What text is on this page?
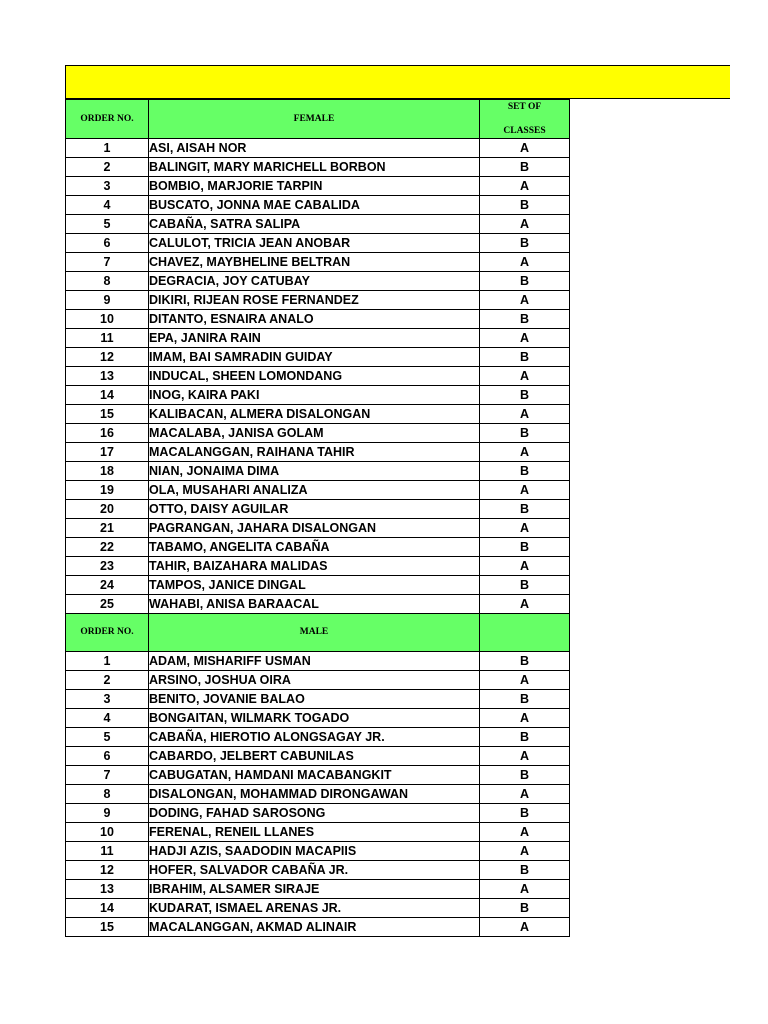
ORDER NO.	FEMALE	SET OF
CLASSES

1	ASI, AISAH NOR	A
2	BALINGIT, MARY MARICHELL BORBON	B
3	BOMBIO, MARJORIE TARPIN	A
4	BUSCATO, JONNA MAE CABALIDA	B
5	CABAÑA, SATRA SALIPA	A
6	CALULOT, TRICIA JEAN ANOBAR	B
7	CHAVEZ, MAYBHELINE BELTRAN	A
8	DEGRACIA, JOY CATUBAY	B
9	DIKIRI, RIJEAN ROSE FERNANDEZ	A
10	DITANTO, ESNAIRA ANALO	B
11	EPA, JANIRA RAIN	A
12	IMAM, BAI SAMRADIN GUIDAY	B
13	INDUCAL, SHEEN LOMONDANG	A
14	INOG, KAIRA PAKI	B
15	KALIBACAN, ALMERA DISALONGAN	A
16	MACALABA, JANISA GOLAM	B
17	MACALANGGAN, RAIHANA TAHIR	A
18	NIAN, JONAIMA DIMA	B
19	OLA, MUSAHARI ANALIZA	A
20	OTTO, DAISY AGUILAR	B
21	PAGRANGAN, JAHARA DISALONGAN	A
22	TABAMO, ANGELITA CABAÑA	B
23	TAHIR, BAIZAHARA MALIDAS	A
24	TAMPOS, JANICE DINGAL	B
25	WAHABI, ANISA BARAACAL	A
ORDER NO.	MALE	
1	ADAM, MISHARIFF USMAN	B
2	ARSINO, JOSHUA OIRA	A
3	BENITO, JOVANIE BALAO	B
4	BONGAITAN, WILMARK TOGADO	A
5	CABAÑA, HIEROTIO ALONGSAGAY JR.	B
6	CABARDO, JELBERT CABUNILAS	A
7	CABUGATAN, HAMDANI MACABANGKIT	B
8	DISALONGAN, MOHAMMAD DIRONGAWAN	A
9	DODING, FAHAD SAROSONG	B
10	FERENAL, RENEIL LLANES	A
11	HADJI AZIS, SAADODIN MACAPIIS	A
12	HOFER, SALVADOR CABAÑA JR.	B
13	IBRAHIM, ALSAMER SIRAJE	A
14	KUDARAT, ISMAEL ARENAS JR.	B
15	MACALANGGAN, AKMAD ALINAIR	A
